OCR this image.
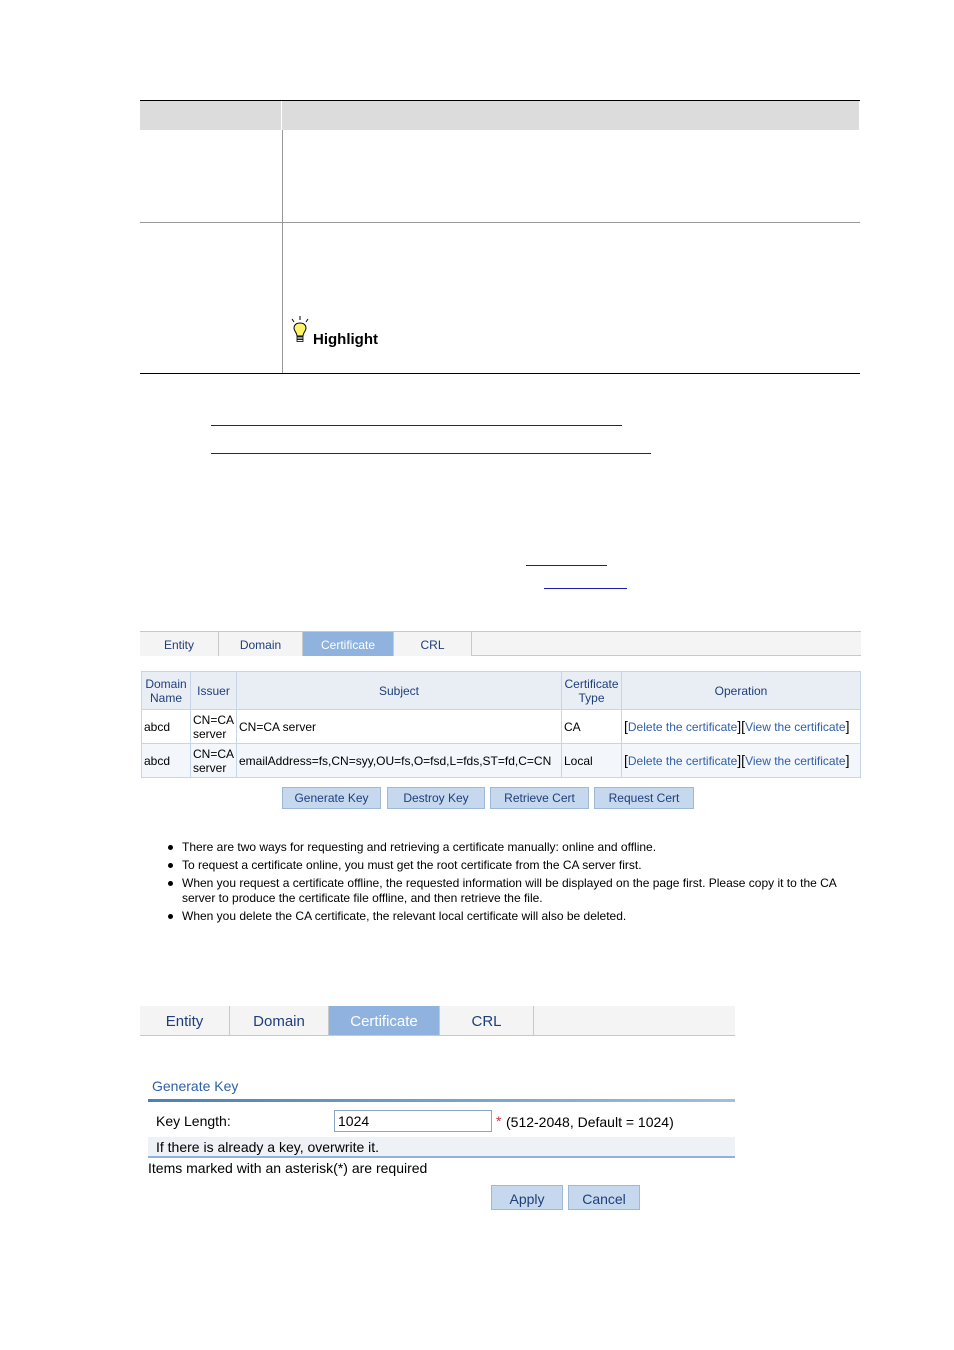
Highlight
Entity	Domain	Certificate	CRL
Domain Name	Issuer	Subject	Certificate Type	Operation
abcd	CN=CA server	CN=CA server	CA	[Delete the certificate][View the certificate]
abcd	CN=CA server	emailAddress=fs,CN=syy,OU=fs,O=fsd,L=fds,ST=fd,C=CN	Local	[Delete the certificate][View the certificate]
Generate Key	Destroy Key	Retrieve Cert	Request Cert
There are two ways for requesting and retrieving a certificate manually: online and offline.
To request a certificate online, you must get the root certificate from the CA server first.
When you request a certificate offline, the requested information will be displayed on the page first. Please copy it to the CA server to produce the certificate file offline, and then retrieve the file.
When you delete the CA certificate, the relevant local certificate will also be deleted.
Entity	Domain	Certificate	CRL
Generate Key
Key Length:
1024	* (512-2048, Default = 1024)
If there is already a key, overwrite it.
Items marked with an asterisk(*) are required
Apply	Cancel
